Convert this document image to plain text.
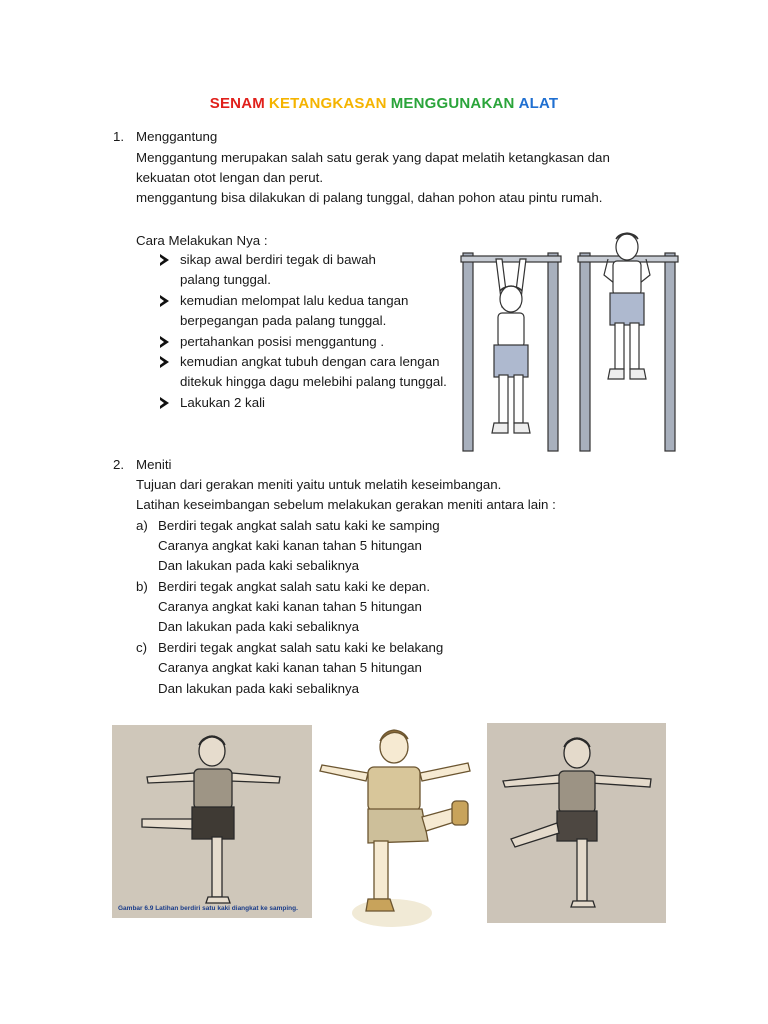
SENAM KETANGKASAN MENGGUNAKAN ALAT
1. Menggantung
Menggantung merupakan salah satu gerak yang dapat melatih ketangkasan dan
kekuatan otot lengan dan perut.
menggantung bisa dilakukan di palang tunggal, dahan pohon atau pintu rumah.
Cara Melakukan Nya :
sikap awal berdiri tegak di bawah
palang tunggal.
kemudian melompat lalu kedua tangan
berpegangan pada palang tunggal.
pertahankan posisi menggantung .
kemudian angkat tubuh dengan cara lengan
ditekuk hingga dagu melebihi palang tunggal.
Lakukan 2 kali
2. Meniti
Tujuan dari gerakan meniti yaitu untuk melatih keseimbangan.
Latihan keseimbangan sebelum melakukan gerakan meniti antara lain :
a) Berdiri tegak angkat salah satu kaki ke samping
Caranya angkat kaki kanan tahan 5 hitungan
Dan lakukan pada kaki sebaliknya
b) Berdiri tegak angkat salah satu kaki ke depan.
Caranya angkat kaki kanan tahan 5 hitungan
Dan lakukan pada kaki sebaliknya
c) Berdiri tegak angkat salah satu kaki ke belakang
Caranya angkat kaki kanan tahan 5 hitungan
Dan lakukan pada kaki sebaliknya
Gambar 6.9 Latihan berdiri satu kaki diangkat ke samping.
